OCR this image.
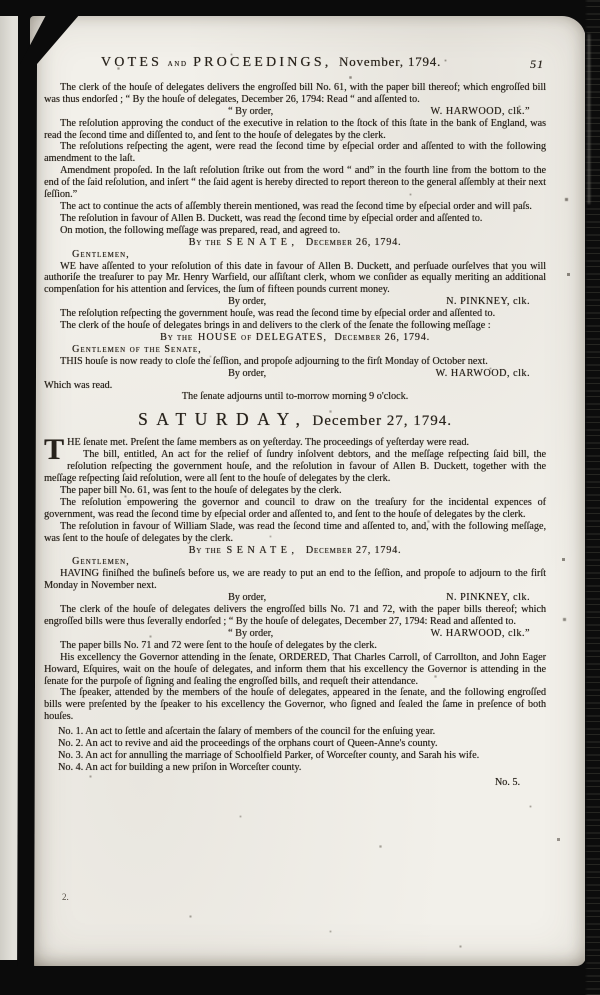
VOTES and PROCEEDINGS, November, 1794.	51
The clerk of the houſe of delegates delivers the engroſſed bill No. 61, with the paper bill thereof; which engroſſed bill was thus endorſed ; “ By the houſe of delegates, December 26, 1794: Read “ and aſſented to.
“ By order,	W. HARWOOD, clk.”
The reſolution approving the conduct of the executive in relation to the ſtock of this ſtate in the bank of England, was read the ſecond time and diſſented to, and ſent to the houſe of delegates by the clerk.
The reſolutions reſpecting the agent, were read the ſecond time by eſpecial order and aſſented to with the following amendment to the laſt.
Amendment propoſed. In the laſt reſolution ſtrike out from the word “ and” in the fourth line from the bottom to the end of the ſaid reſolution, and inſert “ the ſaid agent is hereby directed to report thereon to the general aſſembly at their next ſeſſion.”
The act to continue the acts of aſſembly therein mentioned, was read the ſecond time by eſpecial order and will paſs.
The reſolution in favour of Allen B. Duckett, was read the ſecond time by eſpecial order and aſſented to.
On motion, the following meſſage was prepared, read, and agreed to.
By the SENATE, December 26, 1794.
Gentlemen,
WE have aſſented to your reſolution of this date in favour of Allen B. Duckett, and perſuade ourſelves that you will authoriſe the treaſurer to pay Mr. Henry Warfield, our aſſiſtant clerk, whom we conſider as equally meriting an additional compenſation for his attention and ſervices, the ſum of fifteen pounds current money.
By order,	N. PINKNEY, clk.
The reſolution reſpecting the government houſe, was read the ſecond time by eſpecial order and aſſented to.
The clerk of the houſe of delegates brings in and delivers to the clerk of the ſenate the following meſſage :
By the HOUSE of DELEGATES, December 26, 1794.
Gentlemen of the Senate,
THIS houſe is now ready to cloſe the ſeſſion, and propoſe adjourning to the firſt Monday of October next.
By order,	W. HARWOOD, clk.
Which was read.
The ſenate adjourns until to-morrow morning 9 o'clock.
SATURDAY, December 27, 1794.
THE ſenate met. Preſent the ſame members as on yeſterday. The proceedings of yeſterday were read.
The bill, entitled, An act for the relief of ſundry inſolvent debtors, and the meſſage reſpecting ſaid bill, the reſolution reſpecting the government houſe, and the reſolution in favour of Allen B. Duckett, together with the meſſage reſpecting ſaid reſolution, were all ſent to the houſe of delegates by the clerk.
The paper bill No. 61, was ſent to the houſe of delegates by the clerk.
The reſolution empowering the governor and council to draw on the treaſury for the incidental expences of government, was read the ſecond time by eſpecial order and aſſented to, and ſent to the houſe of delegates by the clerk.
The reſolution in favour of William Slade, was read the ſecond time and aſſented to, and, with the following meſſage, was ſent to the houſe of delegates by the clerk.
By the SENATE, December 27, 1794.
Gentlemen,
HAVING finiſhed the buſineſs before us, we are ready to put an end to the ſeſſion, and propoſe to adjourn to the firſt Monday in November next.
By order,	N. PINKNEY, clk.
The clerk of the houſe of delegates delivers the engroſſed bills No. 71 and 72, with the paper bills thereof; which engroſſed bills were thus ſeverally endorſed ; “ By the houſe of delegates, December 27, 1794: Read and aſſented to.
“ By order,	W. HARWOOD, clk.”
The paper bills No. 71 and 72 were ſent to the houſe of delegates by the clerk.
His excellency the Governor attending in the ſenate, ORDERED, That Charles Carroll, of Carrollton, and John Eager Howard, Eſquires, wait on the houſe of delegates, and inform them that his excellency the Governor is attending in the ſenate for the purpoſe of ſigning and ſealing the engroſſed bills, and requeſt their attendance.
The ſpeaker, attended by the members of the houſe of delegates, appeared in the ſenate, and the following engroſſed bills were preſented by the ſpeaker to his excellency the Governor, who ſigned and ſealed the ſame in preſence of both houſes.
No. 1. An act to ſettle and aſcertain the ſalary of members of the council for the enſuing year.
No. 2. An act to revive and aid the proceedings of the orphans court of Queen-Anne's county.
No. 3. An act for annulling the marriage of Schoolfield Parker, of Worceſter county, and Sarah his wife.
No. 4. An act for building a new priſon in Worceſter county.
No. 5.
2.
